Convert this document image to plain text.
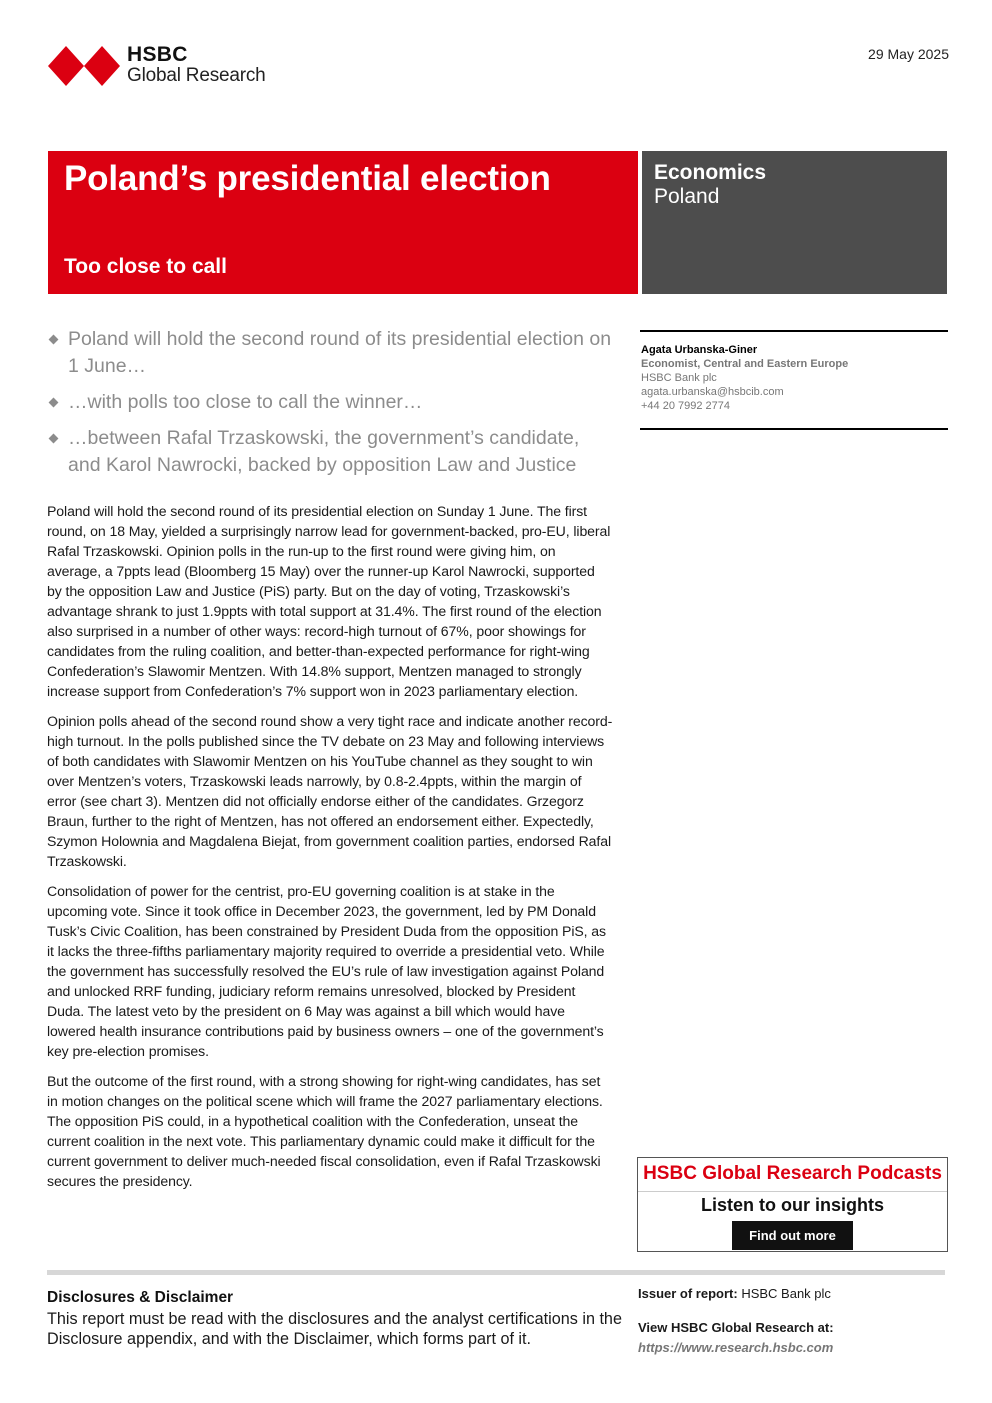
HSBC
Global Research
29 May 2025
Poland’s presidential election
Too close to call
Economics
Poland
Poland will hold the second round of its presidential election on 1 June…
…with polls too close to call the winner…
…between Rafal Trzaskowski, the government’s candidate, and Karol Nawrocki, backed by opposition Law and Justice
Agata Urbanska-Giner
Economist, Central and Eastern Europe
HSBC Bank plc
agata.urbanska@hsbcib.com
+44 20 7992 2774

Poland will hold the second round of its presidential election on Sunday 1 June. The first round, on 18 May, yielded a surprisingly narrow lead for government-backed, pro-EU, liberal Rafal Trzaskowski. Opinion polls in the run-up to the first round were giving him, on average, a 7ppts lead (Bloomberg 15 May) over the runner-up Karol Nawrocki, supported by the opposition Law and Justice (PiS) party. But on the day of voting, Trzaskowski’s advantage shrank to just 1.9ppts with total support at 31.4%. The first round of the election also surprised in a number of other ways: record-high turnout of 67%, poor showings for candidates from the ruling coalition, and better-than-expected performance for right-wing Confederation’s Slawomir Mentzen. With 14.8% support, Mentzen managed to strongly increase support from Confederation’s 7% support won in 2023 parliamentary election.

Opinion polls ahead of the second round show a very tight race and indicate another record-high turnout. In the polls published since the TV debate on 23 May and following interviews of both candidates with Slawomir Mentzen on his YouTube channel as they sought to win over Mentzen’s voters, Trzaskowski leads narrowly, by 0.8-2.4ppts, within the margin of error (see chart 3). Mentzen did not officially endorse either of the candidates. Grzegorz Braun, further to the right of Mentzen, has not offered an endorsement either. Expectedly, Szymon Holownia and Magdalena Biejat, from government coalition parties, endorsed Rafal Trzaskowski.

Consolidation of power for the centrist, pro-EU governing coalition is at stake in the upcoming vote. Since it took office in December 2023, the government, led by PM Donald Tusk’s Civic Coalition, has been constrained by President Duda from the opposition PiS, as it lacks the three-fifths parliamentary majority required to override a presidential veto. While the government has successfully resolved the EU’s rule of law investigation against Poland and unlocked RRF funding, judiciary reform remains unresolved, blocked by President Duda. The latest veto by the president on 6 May was against a bill which would have lowered health insurance contributions paid by business owners – one of the government’s key pre-election promises.

But the outcome of the first round, with a strong showing for right-wing candidates, has set in motion changes on the political scene which will frame the 2027 parliamentary elections. The opposition PiS could, in a hypothetical coalition with the Confederation, unseat the current coalition in the next vote. This parliamentary dynamic could make it difficult for the current government to deliver much-needed fiscal consolidation, even if Rafal Trzaskowski secures the presidency.	HSBC Global Research Podcasts
Listen to our insights
Find out more
Disclosures & Disclaimer
This report must be read with the disclosures and the analyst certifications in the Disclosure appendix, and with the Disclaimer, which forms part of it.
Issuer of report: HSBC Bank plc
View HSBC Global Research at:
https://www.research.hsbc.com
